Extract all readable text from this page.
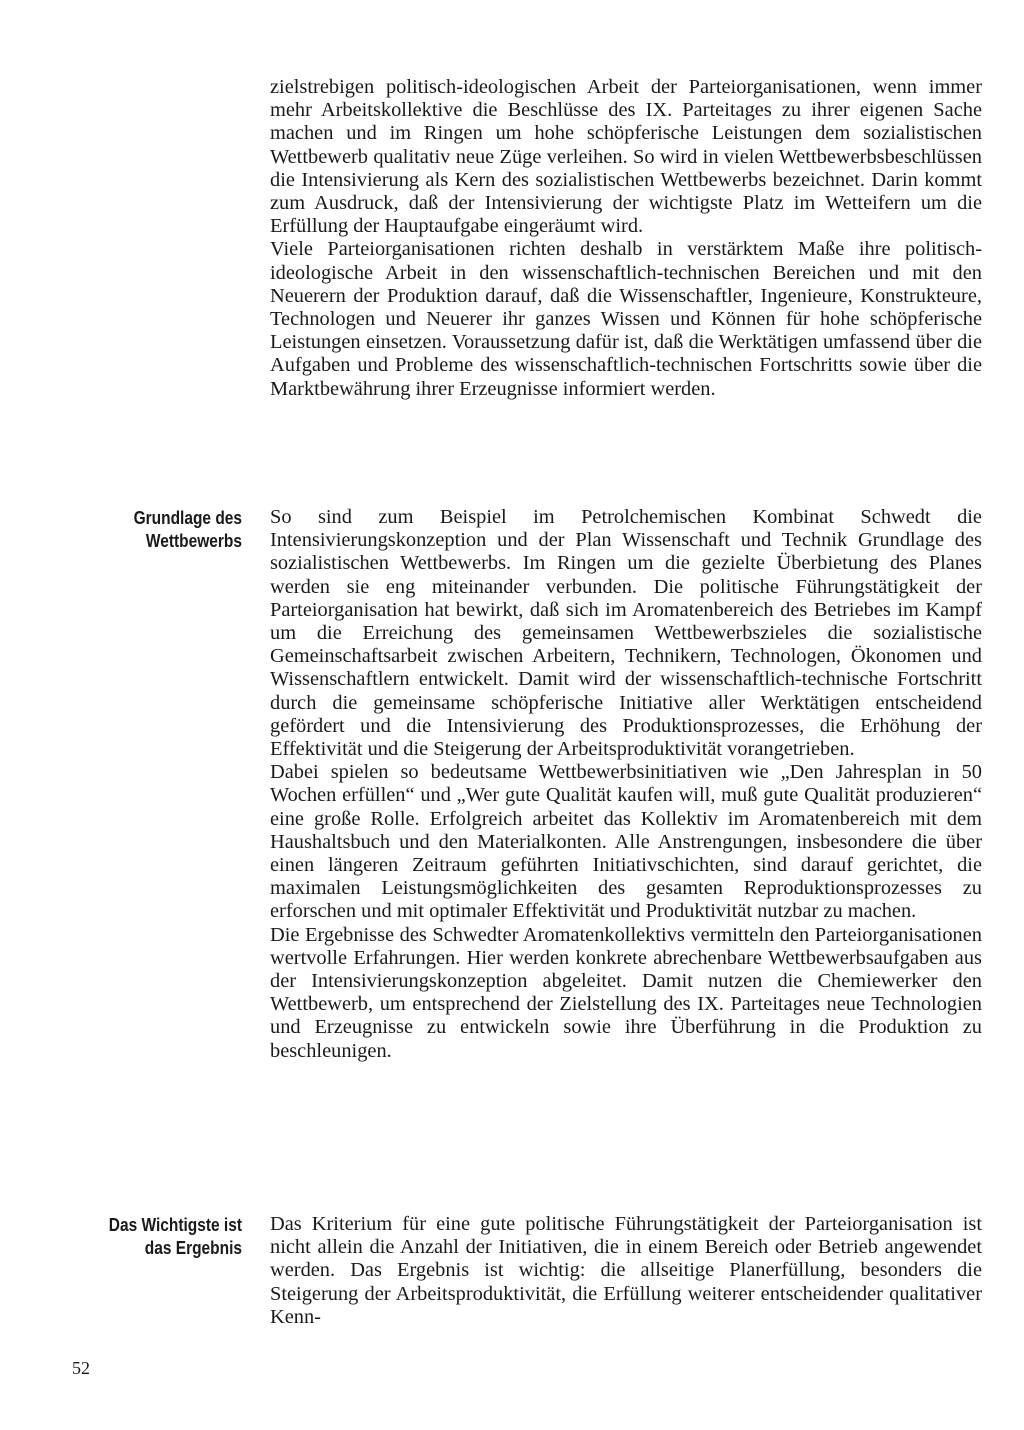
zielstrebigen politisch-ideologischen Arbeit der Parteiorganisationen, wenn immer mehr Arbeitskollektive die Beschlüsse des IX. Parteitages zu ihrer eigenen Sache machen und im Ringen um hohe schöpferische Leistungen dem sozialistischen Wettbewerb qualitativ neue Züge verleihen. So wird in vielen Wettbewerbsbeschlüssen die Intensivierung als Kern des sozialistischen Wettbewerbs bezeichnet. Darin kommt zum Ausdruck, daß der Intensivierung der wichtigste Platz im Wetteifern um die Erfüllung der Hauptaufgabe eingeräumt wird.

Viele Parteiorganisationen richten deshalb in verstärktem Maße ihre politisch-ideologische Arbeit in den wissenschaftlich-technischen Bereichen und mit den Neuerern der Produktion darauf, daß die Wissenschaftler, Ingenieure, Konstrukteure, Technologen und Neuerer ihr ganzes Wissen und Können für hohe schöpferische Leistungen einsetzen. Voraussetzung dafür ist, daß die Werktätigen umfassend über die Aufgaben und Probleme des wissenschaftlich-technischen Fortschritts sowie über die Marktbewährung ihrer Erzeugnisse informiert werden.

Grundlage des
Wettbewerbs

So sind zum Beispiel im Petrolchemischen Kombinat Schwedt die Intensivierungskonzeption und der Plan Wissenschaft und Technik Grundlage des sozialistischen Wettbewerbs. Im Ringen um die gezielte Überbietung des Planes werden sie eng miteinander verbunden. Die politische Führungstätigkeit der Parteiorganisation hat bewirkt, daß sich im Aromatenbereich des Betriebes im Kampf um die Erreichung des gemeinsamen Wettbewerbszieles die sozialistische Gemeinschaftsarbeit zwischen Arbeitern, Technikern, Technologen, Ökonomen und Wissenschaftlern entwickelt. Damit wird der wissenschaftlich-technische Fortschritt durch die gemeinsame schöpferische Initiative aller Werktätigen entscheidend gefördert und die Intensivierung des Produktionsprozesses, die Erhöhung der Effektivität und die Steigerung der Arbeitsproduktivität vorangetrieben.

Dabei spielen so bedeutsame Wettbewerbsinitiativen wie „Den Jahresplan in 50 Wochen erfüllen“ und „Wer gute Qualität kaufen will, muß gute Qualität produzieren“ eine große Rolle. Erfolgreich arbeitet das Kollektiv im Aromatenbereich mit dem Haushaltsbuch und den Materialkonten. Alle Anstrengungen, insbesondere die über einen längeren Zeitraum geführten Initiativschichten, sind darauf gerichtet, die maximalen Leistungsmöglichkeiten des gesamten Reproduktionsprozesses zu erforschen und mit optimaler Effektivität und Produktivität nutzbar zu machen.

Die Ergebnisse des Schwedter Aromatenkollektivs vermitteln den Parteiorganisationen wertvolle Erfahrungen. Hier werden konkrete abrechenbare Wettbewerbsaufgaben aus der Intensivierungskonzeption abgeleitet. Damit nutzen die Chemiewerker den Wettbewerb, um entsprechend der Zielstellung des IX. Parteitages neue Technologien und Erzeugnisse zu entwickeln sowie ihre Überführung in die Produktion zu beschleunigen.

Das Wichtigste ist
das Ergebnis

Das Kriterium für eine gute politische Führungstätigkeit der Parteiorganisation ist nicht allein die Anzahl der Initiativen, die in einem Bereich oder Betrieb angewendet werden. Das Ergebnis ist wichtig: die allseitige Planerfüllung, besonders die Steigerung der Arbeitsproduktivität, die Erfüllung weiterer entscheidender qualitativer Kenn-

52
